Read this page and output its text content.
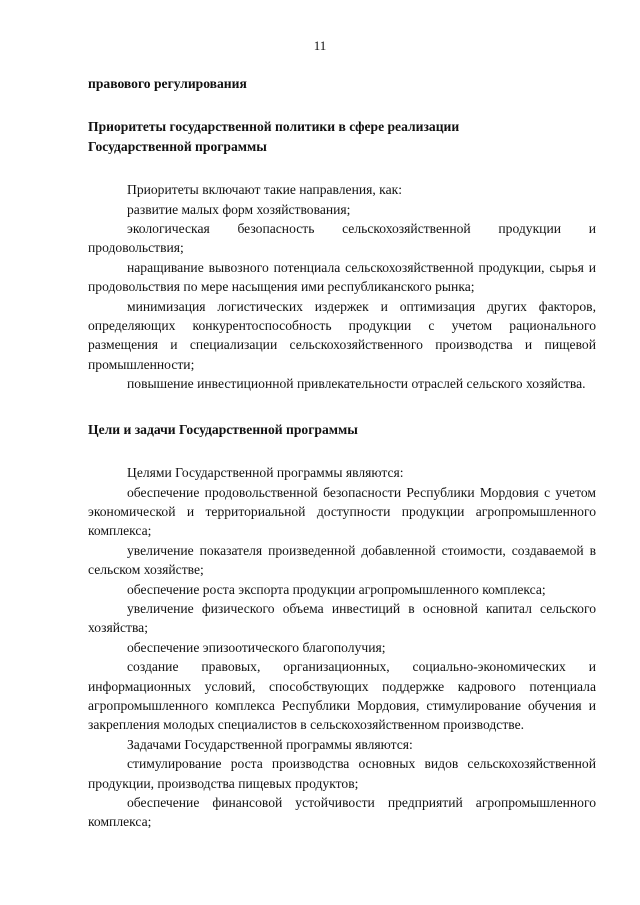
11

правового регулирования

Приоритеты государственной политики в сфере реализации
Государственной программы

Приоритеты включают такие направления, как:

развитие малых форм хозяйствования;

экологическая безопасность сельскохозяйственной продукции и продовольствия;

наращивание вывозного потенциала сельскохозяйственной продукции, сырья и продовольствия по мере насыщения ими республиканского рынка;

минимизация логистических издержек и оптимизация других факторов, определяющих конкурентоспособность продукции с учетом рационального размещения и специализации сельскохозяйственного производства и пищевой промышленности;

повышение инвестиционной привлекательности отраслей сельского хозяйства.

Цели и задачи Государственной программы

Целями Государственной программы являются:

обеспечение продовольственной безопасности Республики Мордовия с учетом экономической и территориальной доступности продукции агропромышленного комплекса;

увеличение показателя произведенной добавленной стоимости, создаваемой в сельском хозяйстве;

обеспечение роста экспорта продукции агропромышленного комплекса;

увеличение физического объема инвестиций в основной капитал сельского хозяйства;

обеспечение эпизоотического благополучия;

создание правовых, организационных, социально-экономических и информационных условий, способствующих поддержке кадрового потенциала агропромышленного комплекса Республики Мордовия, стимулирование обучения и закрепления молодых специалистов в сельскохозяйственном производстве.

Задачами Государственной программы являются:

стимулирование роста производства основных видов сельскохозяйственной продукции, производства пищевых продуктов;

обеспечение финансовой устойчивости предприятий агропромышленного комплекса;
